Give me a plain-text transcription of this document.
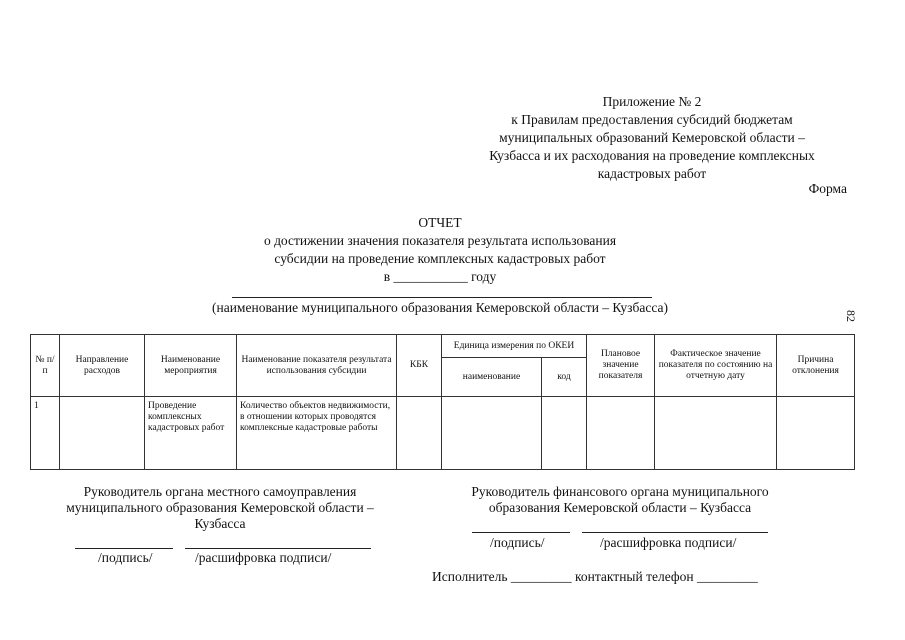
Приложение № 2
к Правилам предоставления субсидий бюджетам
муниципальных образований Кемеровской области –
Кузбасса и их расходования на проведение комплексных
кадастровых работ
Форма
ОТЧЕТ
о достижении значения показателя результата использования
субсидии на проведение комплексных кадастровых работ
в ___________ году
(наименование муниципального образования Кемеровской области – Кузбасса)
82
№ п/п	Направление расходов	Наименование мероприятия	Наименование показателя результата использования субсидии	КБК	Единица измерения по ОКЕИ		Плановое значение показателя	Фактическое значение показателя по состоянию на отчетную дату	Причина отклонения
					наименование	код			
1		Проведение комплексных кадастровых работ	Количество объектов недвижимости, в отношении которых проводятся комплексные кадастровые работы						
Руководитель органа местного самоуправления
муниципального образования Кемеровской области –
Кузбасса
/подпись/	/расшифровка подписи/
Руководитель финансового органа муниципального
образования Кемеровской области – Кузбасса
/подпись/	/расшифровка подписи/
Исполнитель _________ контактный телефон _________
